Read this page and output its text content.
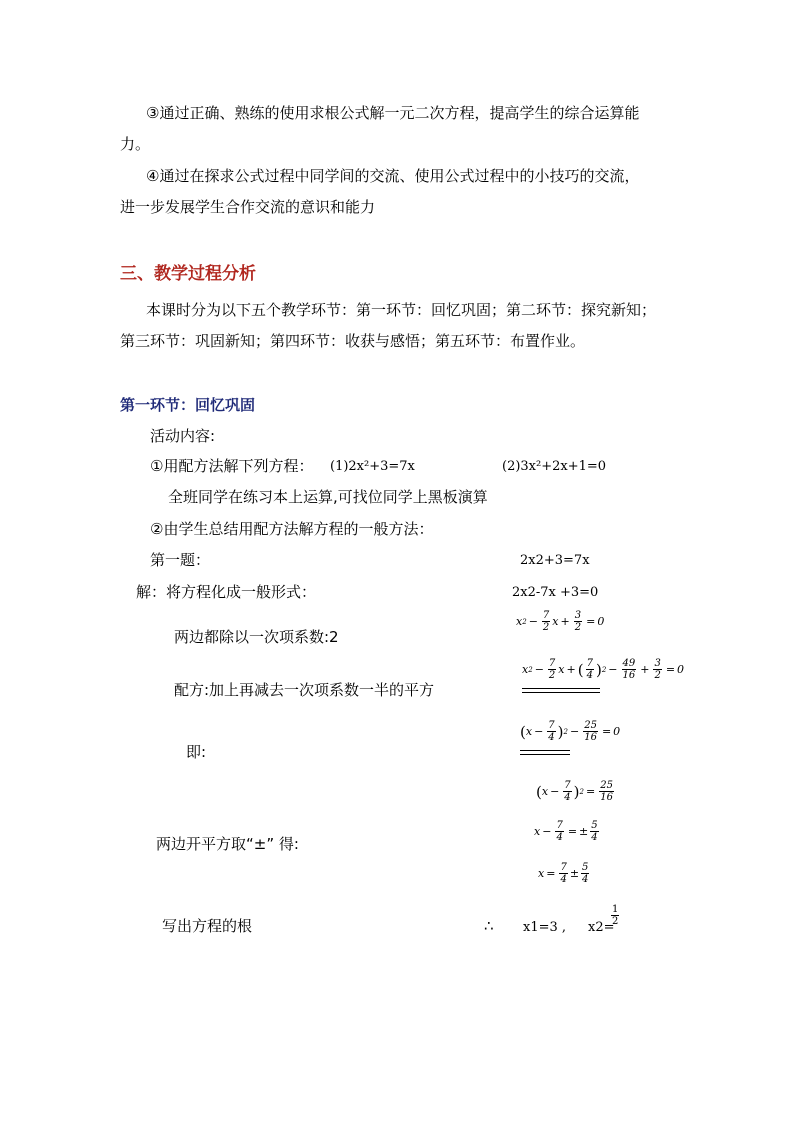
③通过正确、熟练的使用求根公式解一元二次方程，提高学生的综合运算能
力。
④通过在探求公式过程中同学间的交流、使用公式过程中的小技巧的交流，
进一步发展学生合作交流的意识和能力
三、教学过程分析
本课时分为以下五个教学环节：第一环节：回忆巩固；第二环节：探究新知；
第三环节：巩固新知；第四环节：收获与感悟；第五环节：布置作业。
第一环节：回忆巩固
活动内容:
①用配方法解下列方程： (1)2x²+3=7x	(2)3x²+2x+1=0
全班同学在练习本上运算,可找位同学上黑板演算
②由学生总结用配方法解方程的一般方法：
第一题：	2x2+3=7x
解：将方程化成一般形式：	2x2-7x +3=0
两边都除以一次项系数:2
x $2 - \frac{7}{2}$ $x + \frac{3}{2} = 0$
配方:加上再减去一次项系数一半的平方
x $2 - \frac{7}{2}$ x + ( $\frac{7}{4}$ ) $2 - \frac{49}{16} + \frac{3}{2} = 0$
即:
( $x - \frac{7}{4}$ ) $2 - \frac{25}{16} = 0$
( $x - \frac{7}{4}$ ) $2 = \frac{25}{16}$
两边开平方取“±” 得:
$x - \frac{7}{4}$ = ± $\frac{5}{4}$
$x = \frac{7}{4} \pm \frac{5}{4}$
写出方程的根	∴ x1=3 , x2=
$\frac{1}{2}$
